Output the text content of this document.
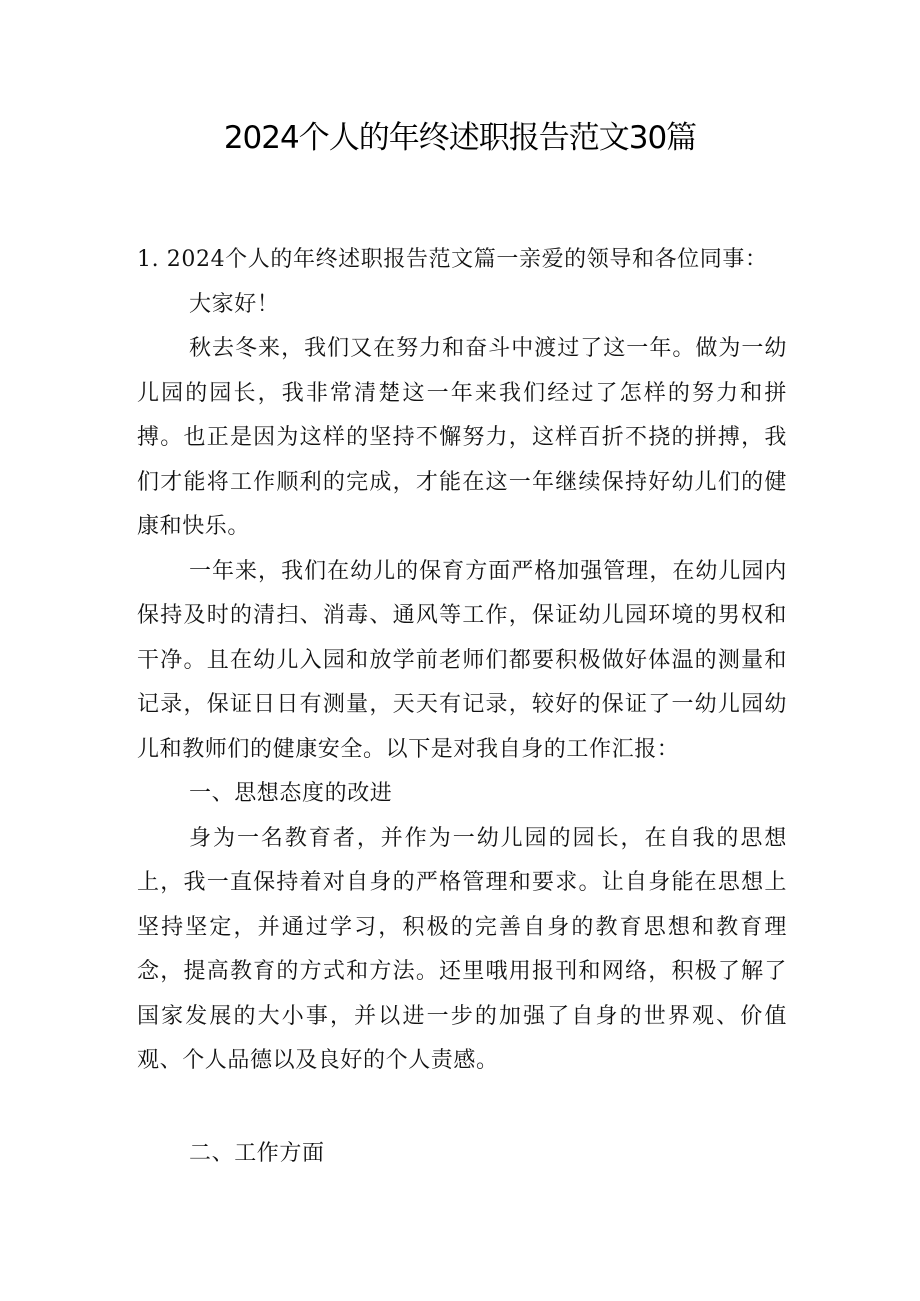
2024个人的年终述职报告范文30篇

1. 2024个人的年终述职报告范文篇一亲爱的领导和各位同事：

大家好！

秋去冬来，我们又在努力和奋斗中渡过了这一年。做为一幼儿园的园长，我非常清楚这一年来我们经过了怎样的努力和拼搏。也正是因为这样的坚持不懈努力，这样百折不挠的拼搏，我们才能将工作顺利的完成，才能在这一年继续保持好幼儿们的健康和快乐。

一年来，我们在幼儿的保育方面严格加强管理，在幼儿园内保持及时的清扫、消毒、通风等工作，保证幼儿园环境的男权和干净。且在幼儿入园和放学前老师们都要积极做好体温的测量和记录，保证日日有测量，天天有记录，较好的保证了一幼儿园幼儿和教师们的健康安全。以下是对我自身的工作汇报：

一、思想态度的改进

身为一名教育者，并作为一幼儿园的园长，在自我的思想上，我一直保持着对自身的严格管理和要求。让自身能在思想上坚持坚定，并通过学习，积极的完善自身的教育思想和教育理念，提高教育的方式和方法。还里哦用报刊和网络，积极了解了国家发展的大小事，并以进一步的加强了自身的世界观、价值观、个人品德以及良好的个人责感。

二、工作方面
